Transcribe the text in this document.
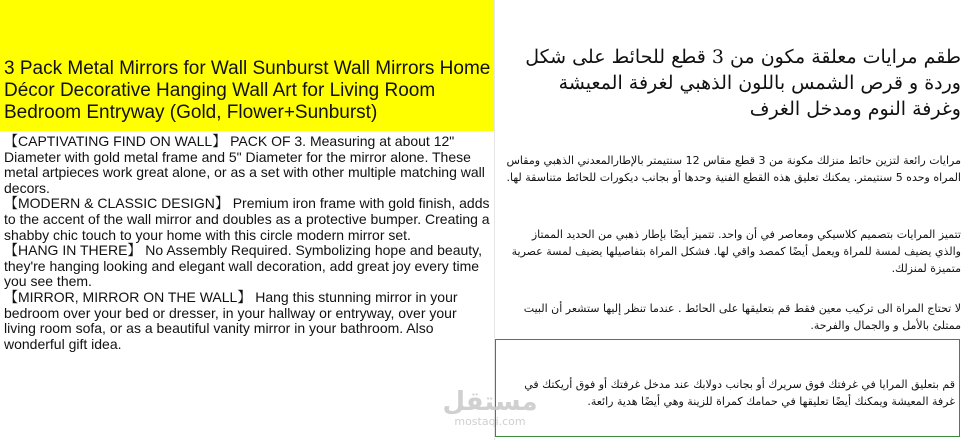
3 Pack Metal Mirrors for Wall Sunburst Wall Mirrors Home Décor Decorative Hanging Wall Art for Living Room Bedroom Entryway (Gold, Flower+Sunburst)

【CAPTIVATING FIND ON WALL】 PACK OF 3. Measuring at about 12" Diameter with gold metal frame and 5" Diameter for the mirror alone. These metal artpieces work great alone, or as a set with other multiple matching wall decors.

【MODERN & CLASSIC DESIGN】 Premium iron frame with gold finish, adds to the accent of the wall mirror and doubles as a protective bumper. Creating a shabby chic touch to your home with this circle modern mirror set.

【HANG IN THERE】 No Assembly Required. Symbolizing hope and beauty, they're hanging looking and elegant wall decoration, add great joy every time you see them.

【MIRROR, MIRROR ON THE WALL】 Hang this stunning mirror in your bedroom over your bed or dresser, in your hallway or entryway, over your living room sofa, or as a beautiful vanity mirror in your bathroom. Also wonderful gift idea.

طقم مرايات معلقة مكون من 3 قطع للحائط على شكل وردة و قرص الشمس باللون الذهبي لغرفة المعيشة وغرفة النوم ومدخل الغرف

مرايات رائعة لتزين حائط منزلك مكونة من 3 قطع مقاس 12 سنتيمتر بالإطارالمعدني الذهبي ومقاس المراه وحده 5 سنتيمتر. يمكنك تعليق هذه القطع الفنية وحدها أو بجانب ديكورات للحائط متناسقة لها.

تتميز المرايات بتصميم كلاسيكي ومعاصر في أن واحد. تتميز أيضًا بإطار ذهبي من الحديد الممتاز والذي يضيف لمسة للمراة ويعمل أيضًا كمصد واقي لها. فشكل المراة بتفاصيلها يضيف لمسة عصرية متميزة لمنزلك.

لا تحتاج المراة الى تركيب معين فقط قم بتعليقها على الحائط . عندما تنظر إليها ستشعر أن البيت ممتلئ بالأمل و والجمال والفرحة.

قم بتعليق المرايا في غرفتك فوق سريرك أو بجانب دولابك عند مدخل غرفتك أو فوق أريكتك في غرفة المعيشة ويمكنك أيضًا تعليقها في حمامك كمراة للزينة وهي أيضًا هدية رائعة.

مستقل
mostaqi.com
